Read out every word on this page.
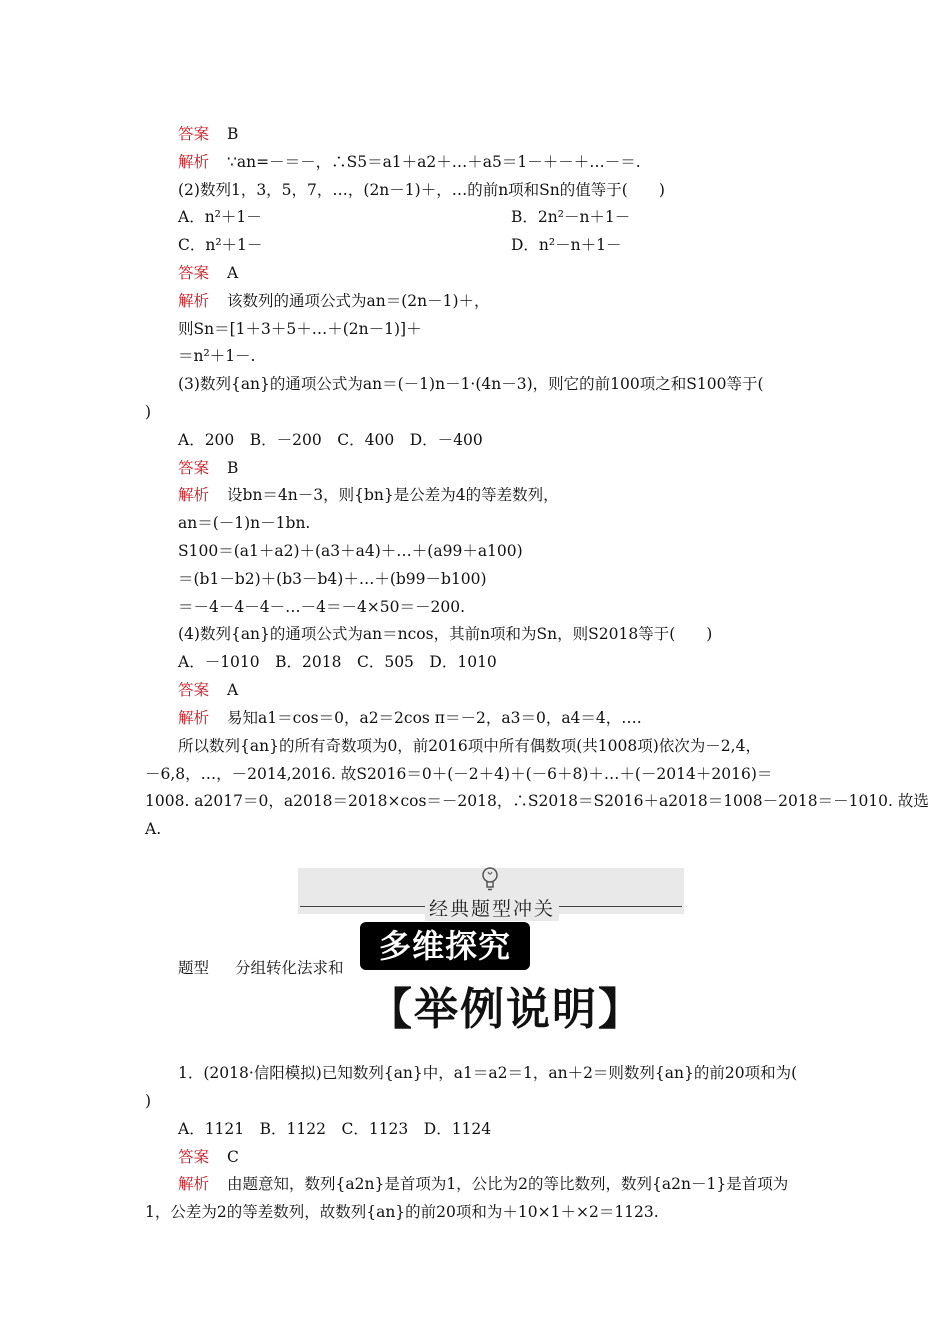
答案 B
解析 ∵an=－＝－，∴S5＝a1＋a2＋…＋a5＝1－＋－＋…－＝.
(2)数列1，3，5，7，…，(2n－1)＋，…的前n项和Sn的值等于(　　)
A．n²＋1－	B．2n²－n＋1－
C．n²＋1－	D．n²－n＋1－
答案 A
解析 该数列的通项公式为an＝(2n－1)＋，
则Sn＝[1＋3＋5＋…＋(2n－1)]＋
＝n²＋1－.
(3)数列{an}的通项公式为an＝(－1)n－1·(4n－3)，则它的前100项之和S100等于(
)
A．200　B．－200　C．400　D．－400
答案 B
解析 设bn＝4n－3，则{bn}是公差为4的等差数列，
an＝(－1)n－1bn.
S100＝(a1＋a2)＋(a3＋a4)＋…＋(a99＋a100)
＝(b1－b2)＋(b3－b4)＋…＋(b99－b100)
＝－4－4－4－…－4＝－4×50＝－200.
(4)数列{an}的通项公式为an＝ncos，其前n项和为Sn，则S2018等于(　　)
A．－1010　B．2018　C．505　D．1010
答案 A
解析 易知a1＝cos＝0，a2＝2cos π＝－2，a3＝0，a4＝4，….
所以数列{an}的所有奇数项为0，前2016项中所有偶数项(共1008项)依次为－2,4，
－6,8，…，－2014,2016. 故S2016＝0＋(－2＋4)＋(－6＋8)＋…＋(－2014＋2016)＝
1008. a2017＝0，a2018＝2018×cos＝－2018，∴S2018＝S2016＋a2018＝1008－2018＝－1010. 故选
A.
经典题型冲关
题型 分组转化法求和
多维探究
【举例说明】
1．(2018·信阳模拟)已知数列{an}中，a1＝a2＝1，an＋2＝则数列{an}的前20项和为(
)
A．1121　B．1122　C．1123　D．1124
答案 C
解析 由题意知，数列{a2n}是首项为1，公比为2的等比数列，数列{a2n－1}是首项为
1，公差为2的等差数列，故数列{an}的前20项和为＋10×1＋×2＝1123.
